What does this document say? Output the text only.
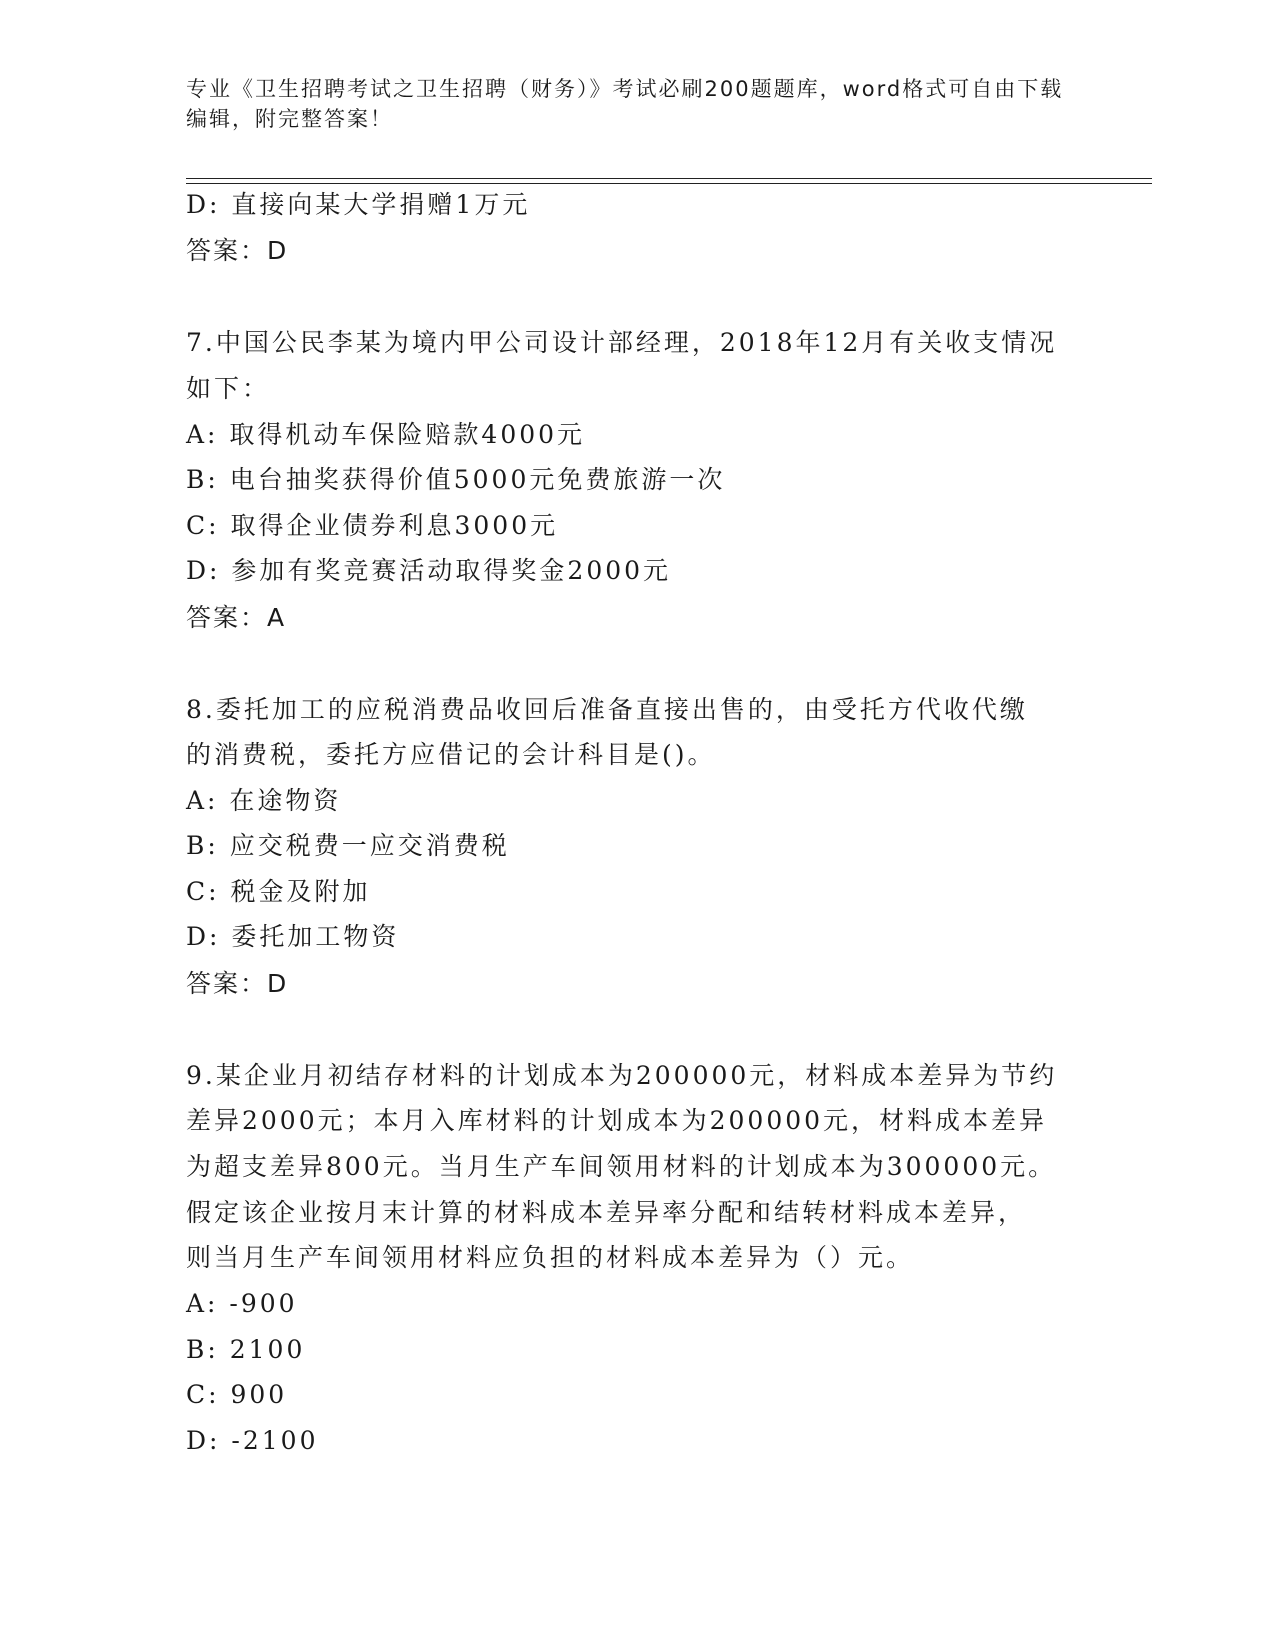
专业《卫生招聘考试之卫生招聘（财务）》考试必刷200题题库，word格式可自由下载编辑，附完整答案！
D: 直接向某大学捐赠1万元
答案：D
7.中国公民李某为境内甲公司设计部经理，2018年12月有关收支情况
如下：
A: 取得机动车保险赔款4000元
B: 电台抽奖获得价值5000元免费旅游一次
C: 取得企业债券利息3000元
D: 参加有奖竞赛活动取得奖金2000元
答案：A
8.委托加工的应税消费品收回后准备直接出售的，由受托方代收代缴
的消费税，委托方应借记的会计科目是()。
A: 在途物资
B: 应交税费一应交消费税
C: 税金及附加
D: 委托加工物资
答案：D
9.某企业月初结存材料的计划成本为200000元，材料成本差异为节约
差异2000元；本月入库材料的计划成本为200000元，材料成本差异
为超支差异800元。当月生产车间领用材料的计划成本为300000元。
假定该企业按月末计算的材料成本差异率分配和结转材料成本差异，
则当月生产车间领用材料应负担的材料成本差异为（）元。
A: -900
B: 2100
C: 900
D: -2100
